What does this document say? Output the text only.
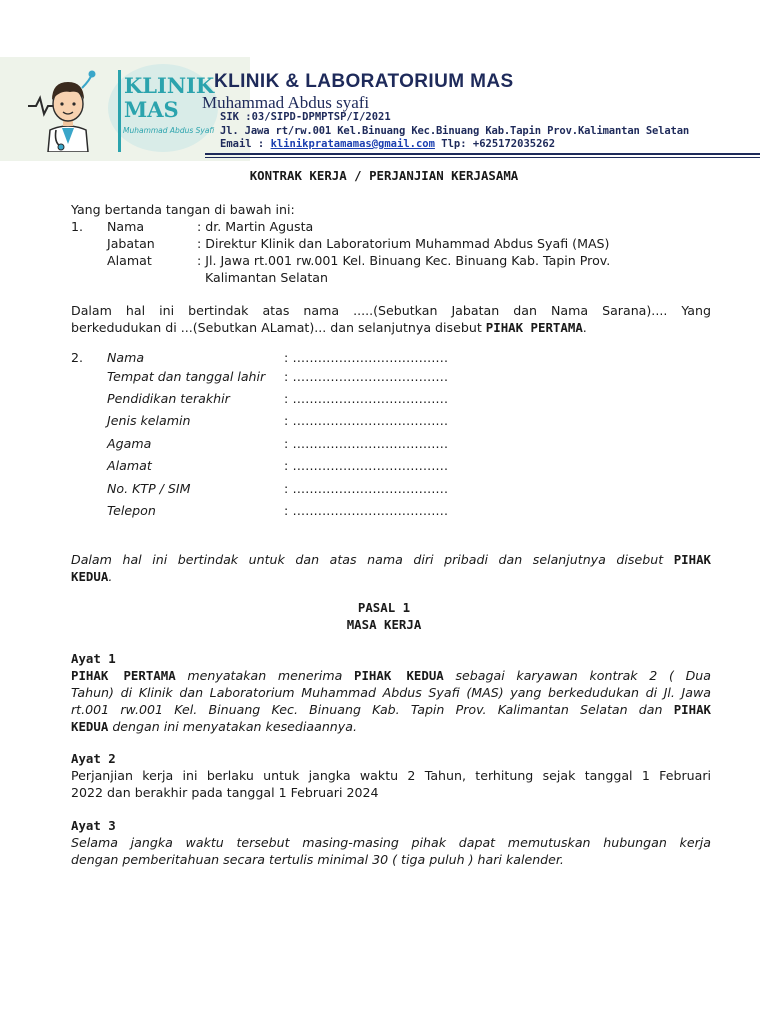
KLINIK
MAS
Muhammad Abdus Syafi
KLINIK & LABORATORIUM MAS
Muhammad Abdus syafi
SIK :03/SIPD-DPMPTSP/I/2021
Jl. Jawa rt/rw.001 Kel.Binuang Kec.Binuang Kab.Tapin Prov.Kalimantan Selatan
Email : klinikpratamamas@gmail.com Tlp: +625172035262
KONTRAK KERJA / PERJANJIAN KERJASAMA
Yang bertanda tangan di bawah ini:
1. Nama	: dr. Martin Agusta
Jabatan	: Direktur Klinik dan Laboratorium Muhammad Abdus Syafi (MAS)
Alamat	: Jl. Jawa rt.001 rw.001 Kel. Binuang Kec. Binuang Kab. Tapin Prov.
Kalimantan Selatan
Dalam hal ini bertindak atas nama .....(Sebutkan Jabatan dan Nama Sarana).... Yang
berkedudukan di ...(Sebutkan ALamat)... dan selanjutnya disebut PIHAK PERTAMA.
2. Nama	: .....................................
Tempat dan tanggal lahir : .....................................
Pendidikan terakhir	: .....................................
Jenis kelamin	: .....................................
Agama	: .....................................
Alamat	: .....................................
No. KTP / SIM	: .....................................
Telepon	: .....................................
Dalam hal ini bertindak untuk dan atas nama diri pribadi dan selanjutnya disebut PIHAK
KEDUA.
PASAL 1
MASA KERJA
Ayat 1
PIHAK PERTAMA menyatakan menerima PIHAK KEDUA sebagai karyawan kontrak 2 ( Dua
Tahun) di Klinik dan Laboratorium Muhammad Abdus Syafi (MAS) yang berkedudukan di Jl. Jawa
rt.001 rw.001 Kel. Binuang Kec. Binuang Kab. Tapin Prov. Kalimantan Selatan dan PIHAK
KEDUA dengan ini menyatakan kesediaannya.
Ayat 2
Perjanjian kerja ini berlaku untuk jangka waktu 2 Tahun, terhitung sejak tanggal 1 Februari
2022 dan berakhir pada tanggal 1 Februari 2024
Ayat 3
Selama jangka waktu tersebut masing-masing pihak dapat memutuskan hubungan kerja
dengan pemberitahuan secara tertulis minimal 30 ( tiga puluh ) hari kalender.
